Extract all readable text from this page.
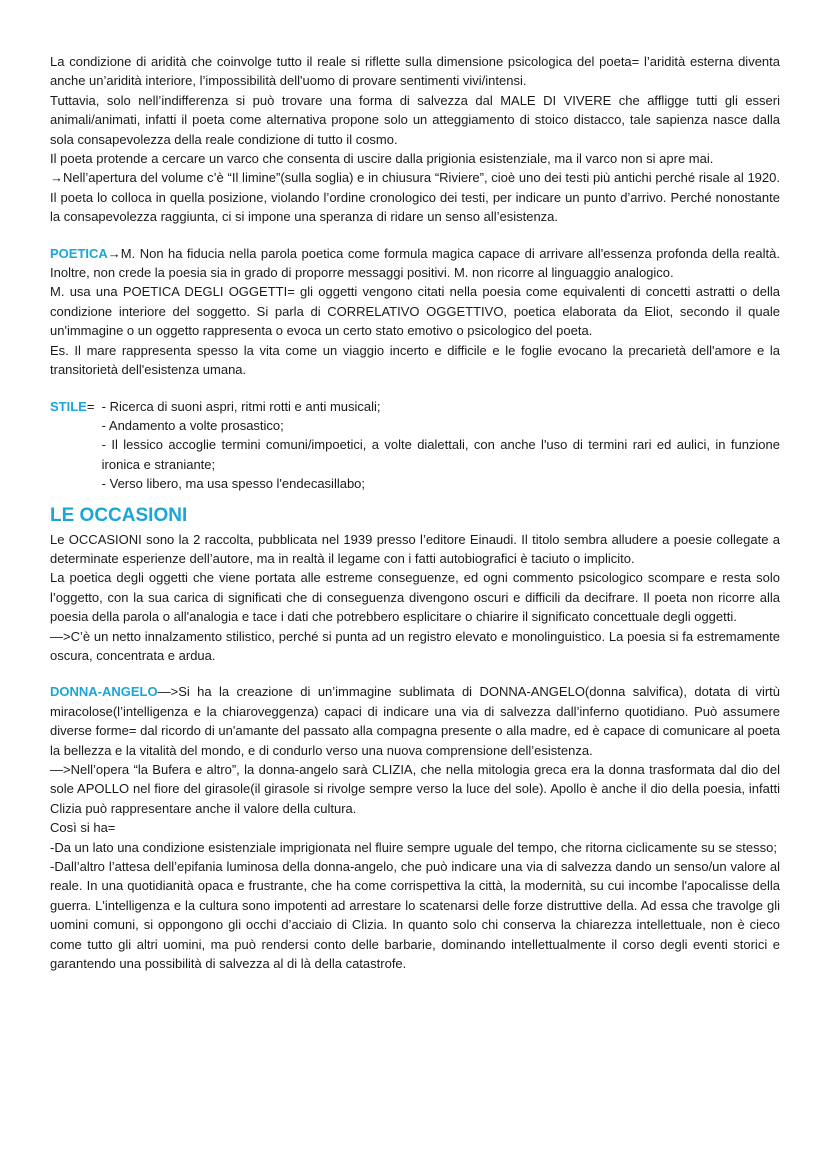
La condizione di aridità che coinvolge tutto il reale si riflette sulla dimensione psicologica del poeta= l’aridità esterna diventa anche un’aridità interiore, l’impossibilità dell'uomo di provare sentimenti vivi/intensi.

Tuttavia, solo nell’indifferenza si può trovare una forma di salvezza dal MALE DI VIVERE che affligge tutti gli esseri animali/animati, infatti il poeta come alternativa propone solo un atteggiamento di stoico distacco, tale sapienza nasce dalla sola consapevolezza della reale condizione di tutto il cosmo.

Il poeta protende a cercare un varco che consenta di uscire dalla prigionia esistenziale, ma il varco non si apre mai.

→Nell’apertura del volume c’è “Il limine”(sulla soglia) e in chiusura “Riviere”, cioè uno dei testi più antichi perché risale al 1920. Il poeta lo colloca in quella posizione, violando l’ordine cronologico dei testi, per indicare un punto d’arrivo. Perché nonostante la consapevolezza raggiunta, ci si impone una speranza di ridare un senso all’esistenza.

POETICA→M. Non ha fiducia nella parola poetica come formula magica capace di arrivare all'essenza profonda della realtà. Inoltre, non crede la poesia sia in grado di proporre messaggi positivi. M. non ricorre al linguaggio analogico.

M. usa una POETICA DEGLI OGGETTI= gli oggetti vengono citati nella poesia come equivalenti di concetti astratti o della condizione interiore del soggetto. Si parla di CORRELATIVO OGGETTIVO, poetica elaborata da Eliot, secondo il quale un'immagine o un oggetto rappresenta o evoca un certo stato emotivo o psicologico del poeta.

Es. Il mare rappresenta spesso la vita come un viaggio incerto e difficile e le foglie evocano la precarietà dell'amore e la transitorietà dell'esistenza umana.

STILE= - Ricerca di suoni aspri, ritmi rotti e anti musicali;

- Andamento a volte prosastico;

- Il lessico accoglie termini comuni/impoetici, a volte dialettali, con anche l'uso di termini rari ed aulici, in funzione ironica e straniante;

- Verso libero, ma usa spesso l'endecasillabo;

LE OCCASIONI

Le OCCASIONI sono la 2 raccolta, pubblicata nel 1939 presso l’editore Einaudi. Il titolo sembra alludere a poesie collegate a determinate esperienze dell’autore, ma in realtà il legame con i fatti autobiografici è taciuto o implicito.

La poetica degli oggetti che viene portata alle estreme conseguenze, ed ogni commento psicologico scompare e resta solo l’oggetto, con la sua carica di significati che di conseguenza divengono oscuri e difficili da decifrare. Il poeta non ricorre alla poesia della parola o all'analogia e tace i dati che potrebbero esplicitare o chiarire il significato concettuale degli oggetti.

—>C’è un netto innalzamento stilistico, perché si punta ad un registro elevato e monolinguistico. La poesia si fa estremamente oscura, concentrata e ardua.

DONNA-ANGELO—>Si ha la creazione di un’immagine sublimata di DONNA-ANGELO(donna salvifica), dotata di virtù miracolose(l’intelligenza e la chiaroveggenza) capaci di indicare una via di salvezza dall’inferno quotidiano. Può assumere diverse forme= dal ricordo di un'amante del passato alla compagna presente o alla madre, ed è capace di comunicare al poeta la bellezza e la vitalità del mondo, e di condurlo verso una nuova comprensione dell’esistenza.

—>Nell’opera “la Bufera e altro”, la donna-angelo sarà CLIZIA, che nella mitologia greca era la donna trasformata dal dio del sole APOLLO nel fiore del girasole(il girasole si rivolge sempre verso la luce del sole). Apollo è anche il dio della poesia, infatti Clizia può rappresentare anche il valore della cultura.

Così si ha=

-Da un lato una condizione esistenziale imprigionata nel fluire sempre uguale del tempo, che ritorna ciclicamente su se stesso;

-Dall’altro l’attesa dell’epifania luminosa della donna-angelo, che può indicare una via di salvezza dando un senso/un valore al reale. In una quotidianità opaca e frustrante, che ha come corrispettiva la città, la modernità, su cui incombe l'apocalisse della guerra. L'intelligenza e la cultura sono impotenti ad arrestare lo scatenarsi delle forze distruttive della. Ad essa che travolge gli uomini comuni, si oppongono gli occhi d’acciaio di Clizia. In quanto solo chi conserva la chiarezza intellettuale, non è cieco come tutto gli altri uomini, ma può rendersi conto delle barbarie, dominando intellettualmente il corso degli eventi storici e garantendo una possibilità di salvezza al di là della catastrofe.
